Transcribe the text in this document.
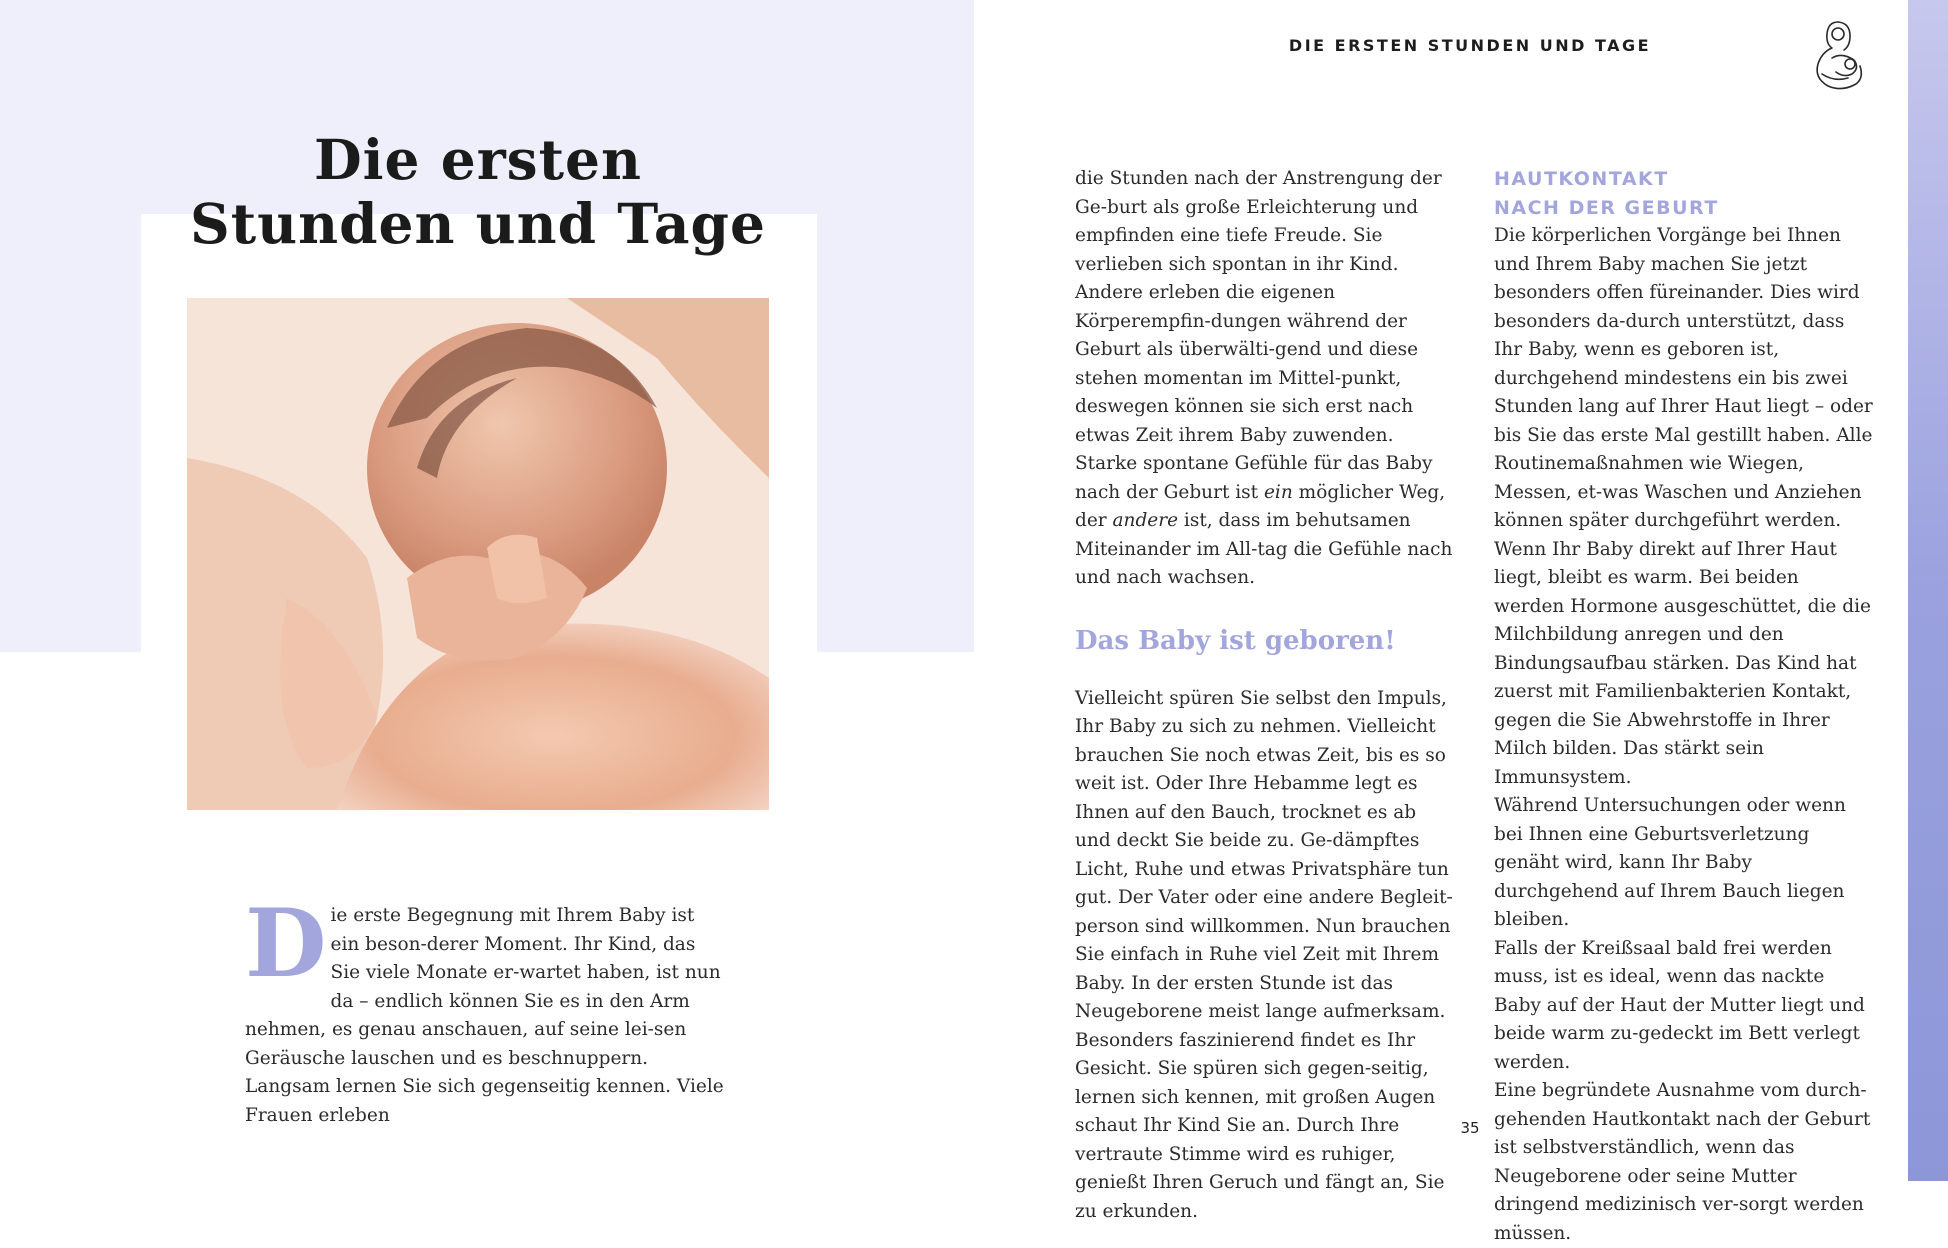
Die ersten
Stunden und Tage
D ie erste Begegnung mit Ihrem Baby ist ein beson-derer Moment. Ihr Kind, das Sie viele Monate er-wartet haben, ist nun da – endlich können Sie es in den Arm nehmen, es genau anschauen, auf seine lei-sen Geräusche lauschen und es beschnuppern. Langsam lernen Sie sich gegenseitig kennen. Viele Frauen erleben
DIE ERSTEN STUNDEN UND TAGE

die Stunden nach der Anstrengung der Ge-burt als große Erleichterung und empfinden eine tiefe Freude. Sie verlieben sich spontan in ihr Kind.

Andere erleben die eigenen Körperempfin-dungen während der Geburt als überwälti-gend und diese stehen momentan im Mittel-punkt, deswegen können sie sich erst nach etwas Zeit ihrem Baby zuwenden.

Starke spontane Gefühle für das Baby nach der Geburt ist ein möglicher Weg, der andere ist, dass im behutsamen Miteinander im All-tag die Gefühle nach und nach wachsen.

Das Baby ist geboren!

Vielleicht spüren Sie selbst den Impuls, Ihr Baby zu sich zu nehmen. Vielleicht brauchen Sie noch etwas Zeit, bis es so weit ist. Oder Ihre Hebamme legt es Ihnen auf den Bauch, trocknet es ab und deckt Sie beide zu. Ge-dämpftes Licht, Ruhe und etwas Privatsphäre tun gut. Der Vater oder eine andere Begleit-person sind willkommen. Nun brauchen Sie einfach in Ruhe viel Zeit mit Ihrem Baby. In der ersten Stunde ist das Neugeborene meist lange aufmerksam. Besonders faszinierend findet es Ihr Gesicht. Sie spüren sich gegen-seitig, lernen sich kennen, mit großen Augen schaut Ihr Kind Sie an. Durch Ihre vertraute Stimme wird es ruhiger, genießt Ihren Geruch und fängt an, Sie zu erkunden.

HAUTKONTAKT
NACH DER GEBURT

Die körperlichen Vorgänge bei Ihnen und Ihrem Baby machen Sie jetzt besonders offen füreinander. Dies wird besonders da-durch unterstützt, dass Ihr Baby, wenn es geboren ist, durchgehend mindestens ein bis zwei Stunden lang auf Ihrer Haut liegt – oder bis Sie das erste Mal gestillt haben. Alle Routinemaßnahmen wie Wiegen, Messen, et-was Waschen und Anziehen können später durchgeführt werden.

Wenn Ihr Baby direkt auf Ihrer Haut liegt, bleibt es warm. Bei beiden werden Hormone ausgeschüttet, die die Milchbildung anregen und den Bindungsaufbau stärken. Das Kind hat zuerst mit Familienbakterien Kontakt, gegen die Sie Abwehrstoffe in Ihrer Milch bilden. Das stärkt sein Immunsystem.

Während Untersuchungen oder wenn bei Ihnen eine Geburtsverletzung genäht wird, kann Ihr Baby durchgehend auf Ihrem Bauch liegen bleiben.

Falls der Kreißsaal bald frei werden muss, ist es ideal, wenn das nackte Baby auf der Haut der Mutter liegt und beide warm zu-gedeckt im Bett verlegt werden.

Eine begründete Ausnahme vom durch-gehenden Hautkontakt nach der Geburt ist selbstverständlich, wenn das Neugeborene oder seine Mutter dringend medizinisch ver-sorgt werden müssen.

35
